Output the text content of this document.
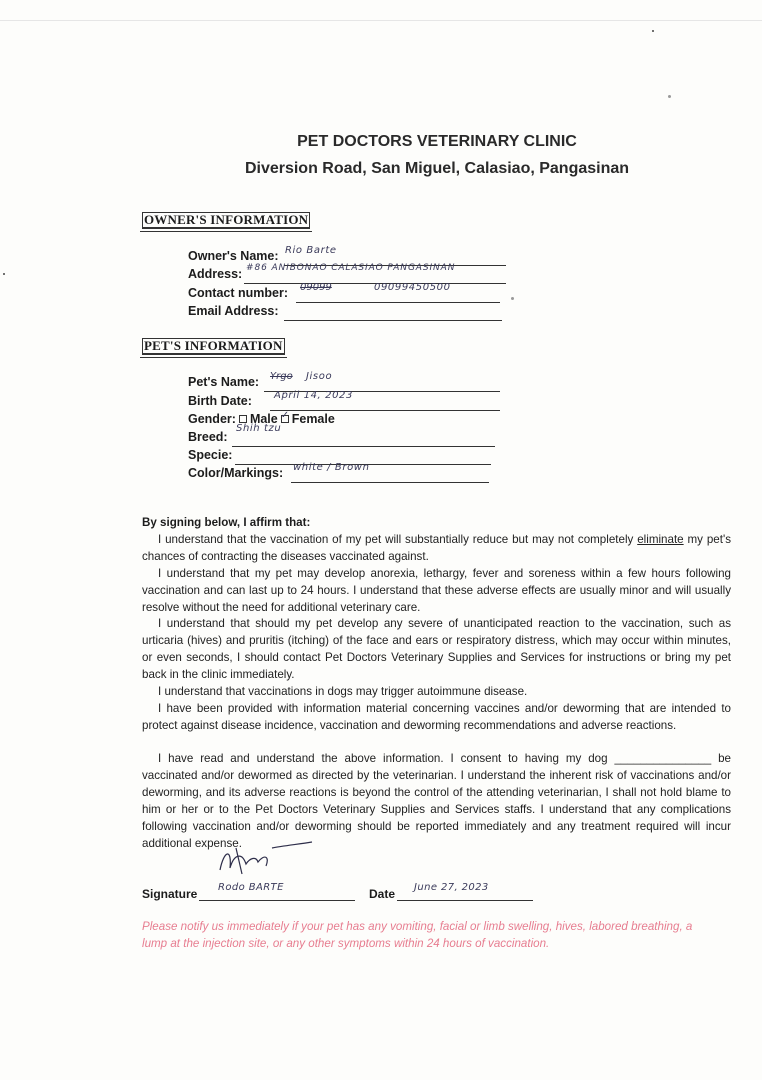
PET DOCTORS VETERINARY CLINIC
Diversion Road, San Miguel, Calasiao, Pangasinan
OWNER'S INFORMATION
Owner's Name: Rio Barte
Address: #86 ANIBONAO CALASIAO PANGASINAN
Contact number: 09099	09099450500
Email Address:
PET'S INFORMATION
Pet's Name: Yrgo Jisoo
Birth Date: April 14, 2023
Gender: Male ✓ Female
Breed:
Shih tzu
Specie:
Color/Markings: white / Brown
By signing below, I affirm that:
I understand that the vaccination of my pet will substantially reduce but may not completely eliminate my pet's chances of contracting the diseases vaccinated against.
I understand that my pet may develop anorexia, lethargy, fever and soreness within a few hours following vaccination and can last up to 24 hours. I understand that these adverse effects are usually minor and will usually resolve without the need for additional veterinary care.
I understand that should my pet develop any severe of unanticipated reaction to the vaccination, such as urticaria (hives) and pruritis (itching) of the face and ears or respiratory distress, which may occur within minutes, or even seconds, I should contact Pet Doctors Veterinary Supplies and Services for instructions or bring my pet back in the clinic immediately.
I understand that vaccinations in dogs may trigger autoimmune disease.
I have been provided with information material concerning vaccines and/or deworming that are intended to protect against disease incidence, vaccination and deworming recommendations and adverse reactions.
I have read and understand the above information. I consent to having my dog _______________ be vaccinated and/or dewormed as directed by the veterinarian. I understand the inherent risk of vaccinations and/or deworming, and its adverse reactions is beyond the control of the attending veterinarian, I shall not hold blame to him or her or to the Pet Doctors Veterinary Supplies and Services staffs. I understand that any complications following vaccination and/or deworming should be reported immediately and any treatment required will incur additional expense.
Signature Rodo BARTE	Date June 27, 2023
Please notify us immediately if your pet has any vomiting, facial or limb swelling, hives, labored breathing, a lump at the injection site, or any other symptoms within 24 hours of vaccination.
